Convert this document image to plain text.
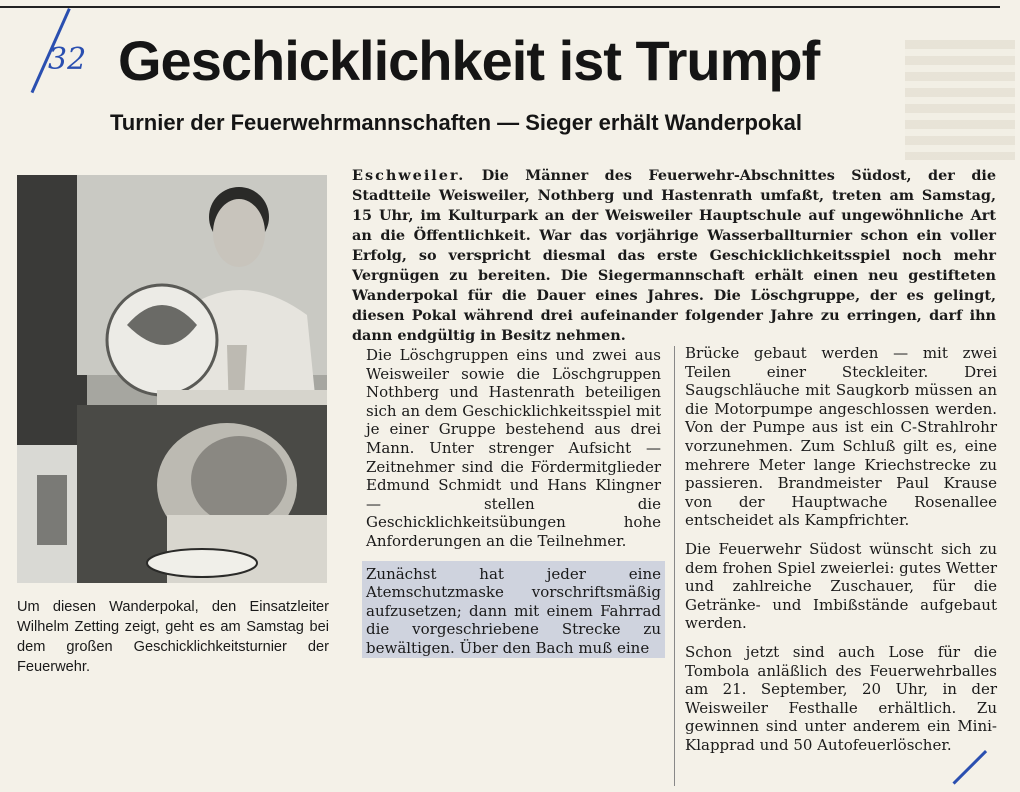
32 Geschicklichkeit ist Trumpf
Turnier der Feuerwehrmannschaften — Sieger erhält Wanderpokal

Um diesen Wanderpokal, den Einsatzleiter Wilhelm Zetting zeigt, geht es am Samstag bei dem großen Geschicklichkeitsturnier der Feuerwehr.

Eschweiler. Die Männer des Feuerwehr-Abschnittes Südost, der die Stadtteile Weisweiler, Nothberg und Hastenrath umfaßt, treten am Samstag, 15 Uhr, im Kulturpark an der Weisweiler Hauptschule auf ungewöhnliche Art an die Öffentlichkeit. War das vorjährige Wasserballturnier schon ein voller Erfolg, so verspricht diesmal das erste Geschicklichkeitsspiel noch mehr Vergnügen zu bereiten. Die Siegermannschaft erhält einen neu gestifteten Wanderpokal für die Dauer eines Jahres. Die Löschgruppe, der es gelingt, diesen Pokal während drei aufeinander folgender Jahre zu erringen, darf ihn dann endgültig in Besitz nehmen.

Die Löschgruppen eins und zwei aus Weisweiler sowie die Löschgruppen Nothberg und Hastenrath beteiligen sich an dem Geschicklichkeitsspiel mit je einer Gruppe bestehend aus drei Mann. Unter strenger Aufsicht — Zeitnehmer sind die Fördermitglieder Edmund Schmidt und Hans Klingner — stellen die Geschicklichkeitsübungen hohe Anforderungen an die Teilnehmer.

Zunächst hat jeder eine Atemschutzmaske vorschriftsmäßig aufzusetzen; dann mit einem Fahrrad die vorgeschriebene Strecke zu bewältigen. Über den Bach muß eine

Brücke gebaut werden — mit zwei Teilen einer Steckleiter. Drei Saugschläuche mit Saugkorb müssen an die Motorpumpe angeschlossen werden. Von der Pumpe aus ist ein C-Strahlrohr vorzunehmen. Zum Schluß gilt es, eine mehrere Meter lange Kriechstrecke zu passieren. Brandmeister Paul Krause von der Hauptwache Rosenallee entscheidet als Kampfrichter.

Die Feuerwehr Südost wünscht sich zu dem frohen Spiel zweierlei: gutes Wetter und zahlreiche Zuschauer, für die Getränke- und Imbißstände aufgebaut werden.

Schon jetzt sind auch Lose für die Tombola anläßlich des Feuerwehrballes am 21. September, 20 Uhr, in der Weisweiler Festhalle erhältlich. Zu gewinnen sind unter anderem ein Mini-Klapprad und 50 Autofeuerlöscher.
